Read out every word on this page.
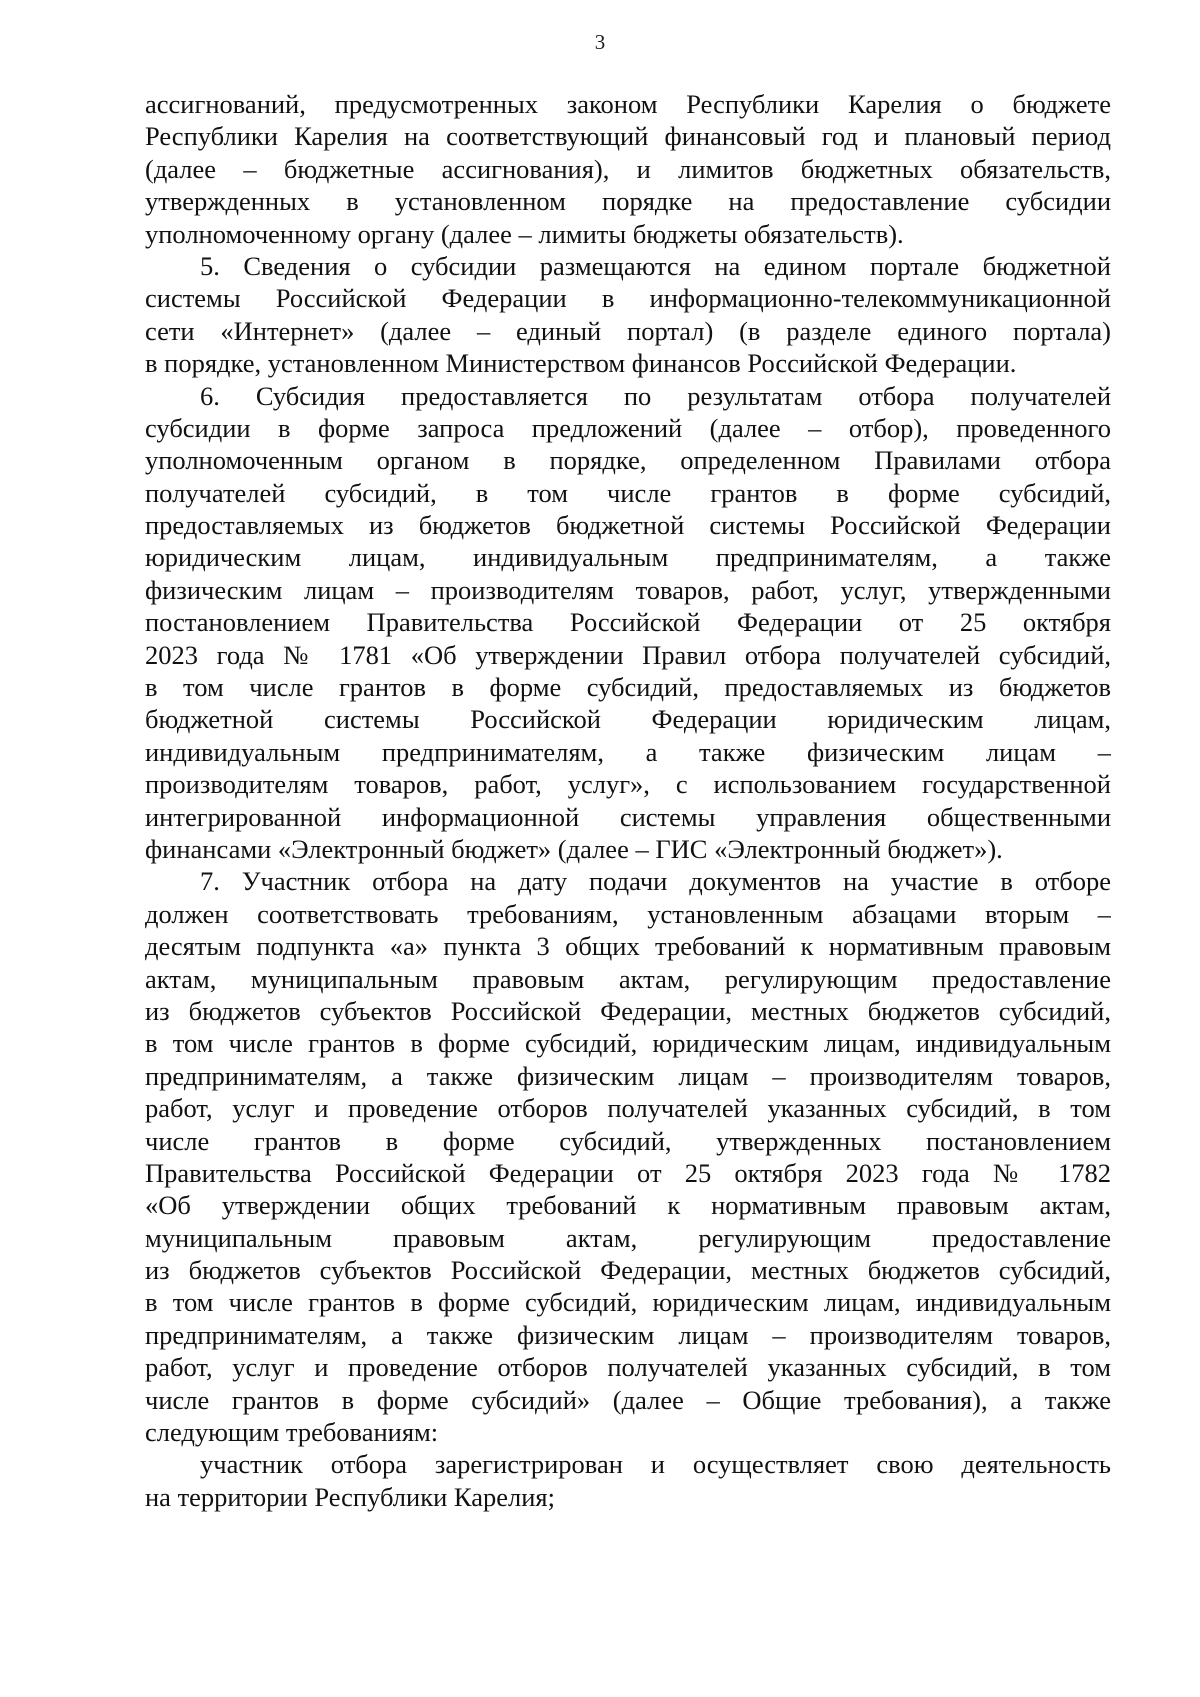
3
ассигнований, предусмотренных законом Республики Карелия о бюджете
Республики Карелия на соответствующий финансовый год и плановый период
(далее – бюджетные ассигнования), и лимитов бюджетных обязательств,
утвержденных в установленном порядке на предоставление субсидии
уполномоченному органу (далее – лимиты бюджеты обязательств).
5. Сведения о субсидии размещаются на едином портале бюджетной
системы Российской Федерации в информационно-телекоммуникационной
сети «Интернет» (далее – единый портал) (в разделе единого портала)
в порядке, установленном Министерством финансов Российской Федерации.
6. Субсидия предоставляется по результатам отбора получателей
субсидии в форме запроса предложений (далее – отбор), проведенного
уполномоченным органом в порядке, определенном Правилами отбора
получателей субсидий, в том числе грантов в форме субсидий,
предоставляемых из бюджетов бюджетной системы Российской Федерации
юридическим лицам, индивидуальным предпринимателям, а также
физическим лицам – производителям товаров, работ, услуг, утвержденными
постановлением Правительства Российской Федерации от 25 октября
2023 года № 1781 «Об утверждении Правил отбора получателей субсидий,
в том числе грантов в форме субсидий, предоставляемых из бюджетов
бюджетной системы Российской Федерации юридическим лицам,
индивидуальным предпринимателям, а также физическим лицам –
производителям товаров, работ, услуг», с использованием государственной
интегрированной информационной системы управления общественными
финансами «Электронный бюджет» (далее – ГИС «Электронный бюджет»).
7. Участник отбора на дату подачи документов на участие в отборе
должен соответствовать требованиям, установленным абзацами вторым –
десятым подпункта «а» пункта 3 общих требований к нормативным правовым
актам, муниципальным правовым актам, регулирующим предоставление
из бюджетов субъектов Российской Федерации, местных бюджетов субсидий,
в том числе грантов в форме субсидий, юридическим лицам, индивидуальным
предпринимателям, а также физическим лицам – производителям товаров,
работ, услуг и проведение отборов получателей указанных субсидий, в том
числе грантов в форме субсидий, утвержденных постановлением
Правительства Российской Федерации от 25 октября 2023 года № 1782
«Об утверждении общих требований к нормативным правовым актам,
муниципальным правовым актам, регулирующим предоставление
из бюджетов субъектов Российской Федерации, местных бюджетов субсидий,
в том числе грантов в форме субсидий, юридическим лицам, индивидуальным
предпринимателям, а также физическим лицам – производителям товаров,
работ, услуг и проведение отборов получателей указанных субсидий, в том
числе грантов в форме субсидий» (далее – Общие требования), а также
следующим требованиям:
участник отбора зарегистрирован и осуществляет свою деятельность
на территории Республики Карелия;
